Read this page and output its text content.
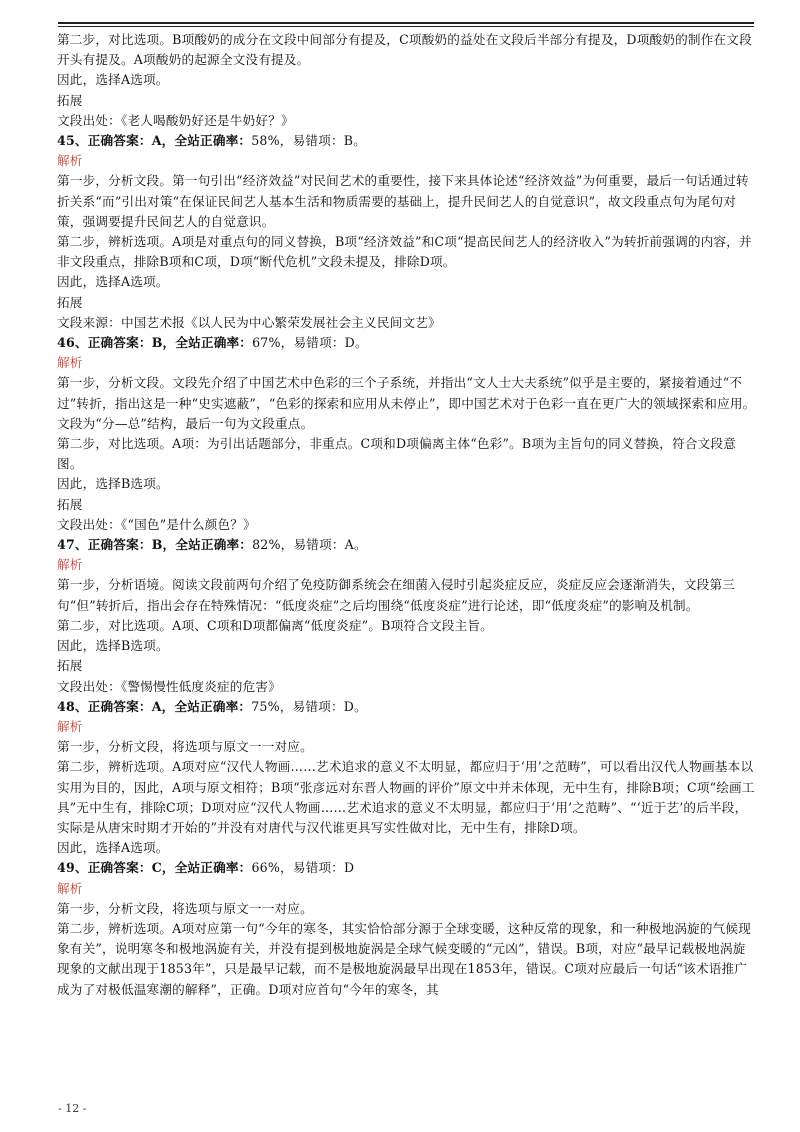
第二步，对比选项。B项酸奶的成分在文段中间部分有提及，C项酸奶的益处在文段后半部分有提及，D项酸奶的制作在文段开头有提及。A项酸奶的起源全文没有提及。

因此，选择A选项。

拓展

文段出处：《老人喝酸奶好还是牛奶好？》

45、正确答案：A，全站正确率：58%，易错项：B。

解析

第一步，分析文段。第一句引出“经济效益”对民间艺术的重要性，接下来具体论述“经济效益”为何重要，最后一句话通过转折关系“而”引出对策“在保证民间艺人基本生活和物质需要的基础上，提升民间艺人的自觉意识”，故文段重点句为尾句对策，强调要提升民间艺人的自觉意识。

第二步，辨析选项。A项是对重点句的同义替换，B项“经济效益”和C项“提高民间艺人的经济收入”为转折前强调的内容，并非文段重点，排除B项和C项，D项“断代危机”文段未提及，排除D项。

因此，选择A选项。

拓展

文段来源：中国艺术报《以人民为中心繁荣发展社会主义民间文艺》

46、正确答案：B，全站正确率：67%，易错项：D。

解析

第一步，分析文段。文段先介绍了中国艺术中色彩的三个子系统，并指出“文人士大夫系统”似乎是主要的，紧接着通过“不过”转折，指出这是一种“史实遮蔽”，“色彩的探索和应用从未停止”，即中国艺术对于色彩一直在更广大的领域探索和应用。文段为“分—总”结构，最后一句为文段重点。

第二步，对比选项。A项：为引出话题部分，非重点。C项和D项偏离主体“色彩”。B项为主旨句的同义替换，符合文段意图。

因此，选择B选项。

拓展

文段出处：《“国色”是什么颜色？》

47、正确答案：B，全站正确率：82%，易错项：A。

解析

第一步，分析语境。阅读文段前两句介绍了免疫防御系统会在细菌入侵时引起炎症反应，炎症反应会逐渐消失，文段第三句“但”转折后，指出会存在特殊情况：“低度炎症”之后均围绕“低度炎症”进行论述，即“低度炎症”的影响及机制。

第二步，对比选项。A项、C项和D项都偏离“低度炎症”。B项符合文段主旨。

因此，选择B选项。

拓展

文段出处：《警惕慢性低度炎症的危害》

48、正确答案：A，全站正确率：75%，易错项：D。

解析

第一步，分析文段，将选项与原文一一对应。

第二步，辨析选项。A项对应“汉代人物画……艺术追求的意义不太明显，都应归于‘用’之范畴”，可以看出汉代人物画基本以实用为目的，因此，A项与原文相符；B项“张彦远对东晋人物画的评价”原文中并未体现，无中生有，排除B项；C项“绘画工具”无中生有，排除C项；D项对应“汉代人物画……艺术追求的意义不太明显，都应归于‘用’之范畴”、“‘近于艺’的后半段，实际是从唐宋时期才开始的”并没有对唐代与汉代谁更具写实性做对比，无中生有，排除D项。

因此，选择A选项。

49、正确答案：C，全站正确率：66%，易错项：D

解析

第一步，分析文段，将选项与原文一一对应。

第二步，辨析选项。A项对应第一句“今年的寒冬，其实恰恰部分源于全球变暖，这种反常的现象，和一种极地涡旋的气候现象有关”，说明寒冬和极地涡旋有关，并没有提到极地旋涡是全球气候变暖的“元凶”，错误。B项，对应“最早记载极地涡旋现象的文献出现于1853年”，只是最早记载，而不是极地旋涡最早出现在1853年，错误。C项对应最后一句话“该术语推广成为了对极低温寒潮的解释”，正确。D项对应首句“今年的寒冬，其

- 12 -
